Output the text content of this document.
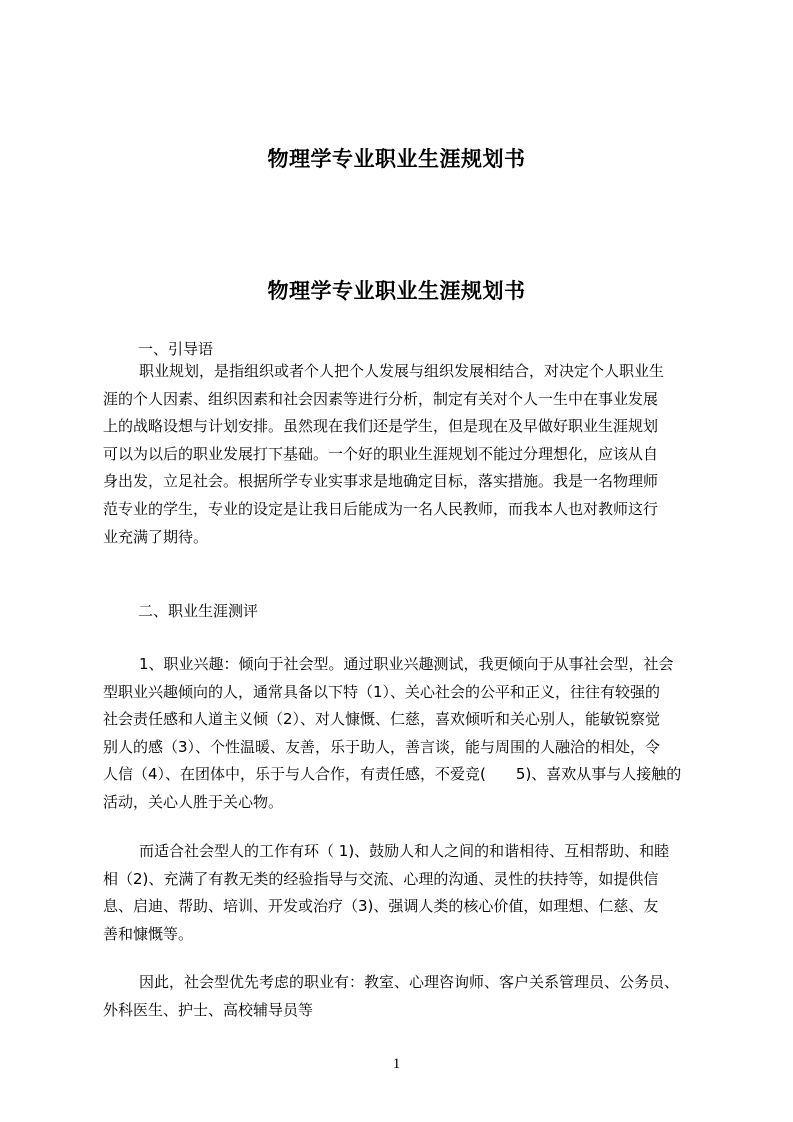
物理学专业职业生涯规划书
物理学专业职业生涯规划书
一、引导语

职业规划，是指组织或者个人把个人发展与组织发展相结合，对决定个人职业生
涯的个人因素、组织因素和社会因素等进行分析，制定有关对个人一生中在事业发展
上的战略设想与计划安排。虽然现在我们还是学生，但是现在及早做好职业生涯规划
可以为以后的职业发展打下基础。一个好的职业生涯规划不能过分理想化，应该从自
身出发，立足社会。根据所学专业实事求是地确定目标，落实措施。我是一名物理师
范专业的学生，专业的设定是让我日后能成为一名人民教师，而我本人也对教师这行
业充满了期待。

二、职业生涯测评

1、职业兴趣：倾向于社会型。通过职业兴趣测试，我更倾向于从事社会型，社会
型职业兴趣倾向的人，通常具备以下特（1）、关心社会的公平和正义，往往有较强的
社会责任感和人道主义倾（2）、对人慷慨、仁慈，喜欢倾听和关心别人，能敏锐察觉
别人的感（3）、个性温暖、友善，乐于助人，善言谈，能与周围的人融洽的相处，令
人信（4）、在团体中，乐于与人合作，有责任感，不爱竞(　　5)、喜欢从事与人接触的
活动，关心人胜于关心物。

而适合社会型人的工作有环（ 1)、鼓励人和人之间的和谐相待、互相帮助、和睦
相（2)、充满了有教无类的经验指导与交流、心理的沟通、灵性的扶持等，如提供信
息、启迪、帮助、培训、开发或治疗（3)、强调人类的核心价值，如理想、仁慈、友
善和慷慨等。

因此，社会型优先考虑的职业有：教室、心理咨询师、客户关系管理员、公务员、
外科医生、护士、高校辅导员等

1
